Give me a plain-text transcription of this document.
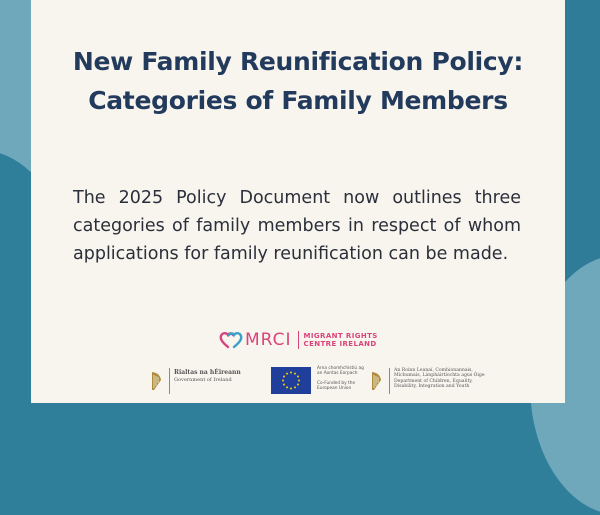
New Family Reunification Policy:
Categories of Family Members
The 2025 Policy Document now outlines three categories of family members in respect of whom applications for family reunification can be made.
MRCI MIGRANT RIGHTS
CENTRE IRELAND
Rialtas na hÉireann
Government of Ireland
Arna chomhchistiú ag
an Aontas Eorpach
Co-Funded by the
European Union
An Roinn Leanaí, Comhionannais,
Míchumais, Lánpháirtíochta agus Óige
Department of Children, Equality,
Disability, Integration and Youth
